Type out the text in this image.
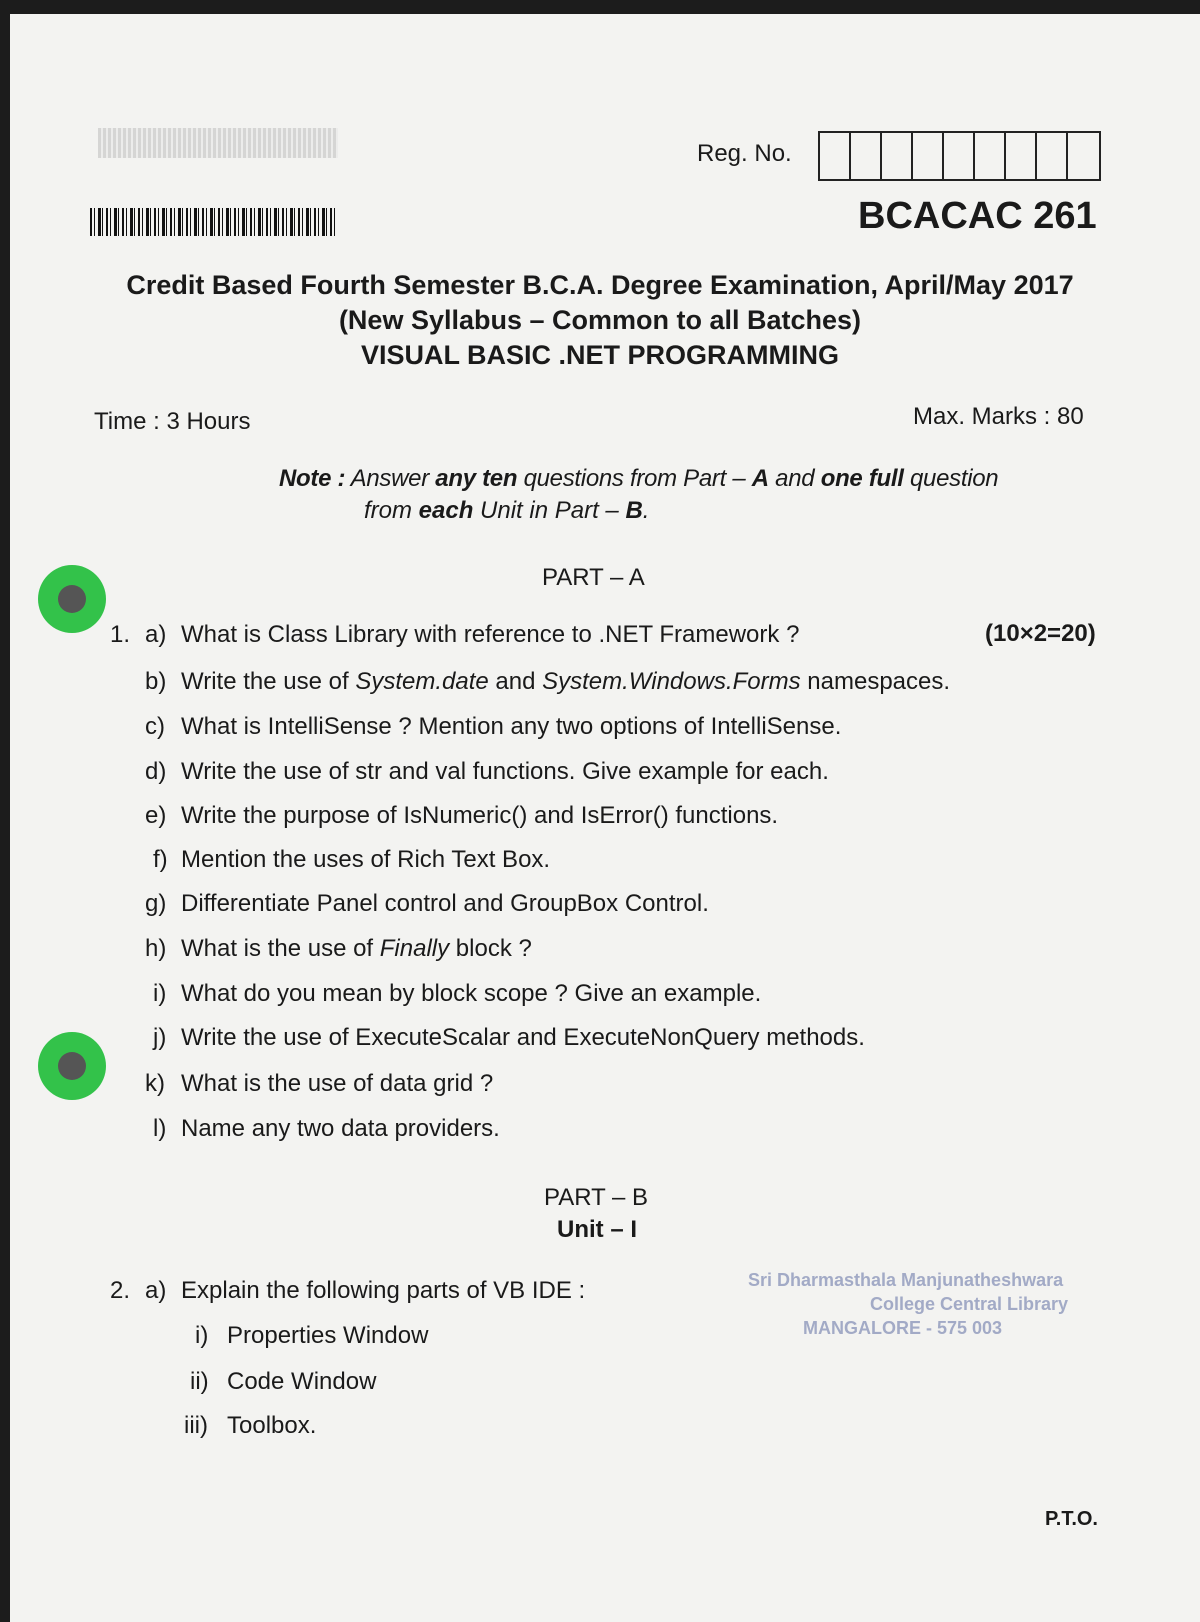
Reg. No.
BCACAC 261
Credit Based Fourth Semester B.C.A. Degree Examination, April/May 2017
(New Syllabus – Common to all Batches)
VISUAL BASIC .NET PROGRAMMING
Time : 3 Hours	Max. Marks : 80
Note : Answer any ten questions from Part – A and one full question
from each Unit in Part – B.
PART – A
1.	(10×2=20)
a) What is Class Library with reference to .NET Framework ?
b) Write the use of System.date and System.Windows.Forms namespaces.
c) What is IntelliSense ? Mention any two options of IntelliSense.
d) Write the use of str and val functions. Give example for each.
e) Write the purpose of IsNumeric() and IsError() functions.
f) Mention the uses of Rich Text Box.
g) Differentiate Panel control and GroupBox Control.
h) What is the use of Finally block ?
i) What do you mean by block scope ? Give an example.
j) Write the use of ExecuteScalar and ExecuteNonQuery methods.
k) What is the use of data grid ?
l) Name any two data providers.
PART – B
Unit – I
2. a) Explain the following parts of VB IDE :
i) Properties Window
ii) Code Window
iii) Toolbox.
Sri Dharmasthala Manjunatheshwara
College Central Library
MANGALORE - 575 003
P.T.O.
